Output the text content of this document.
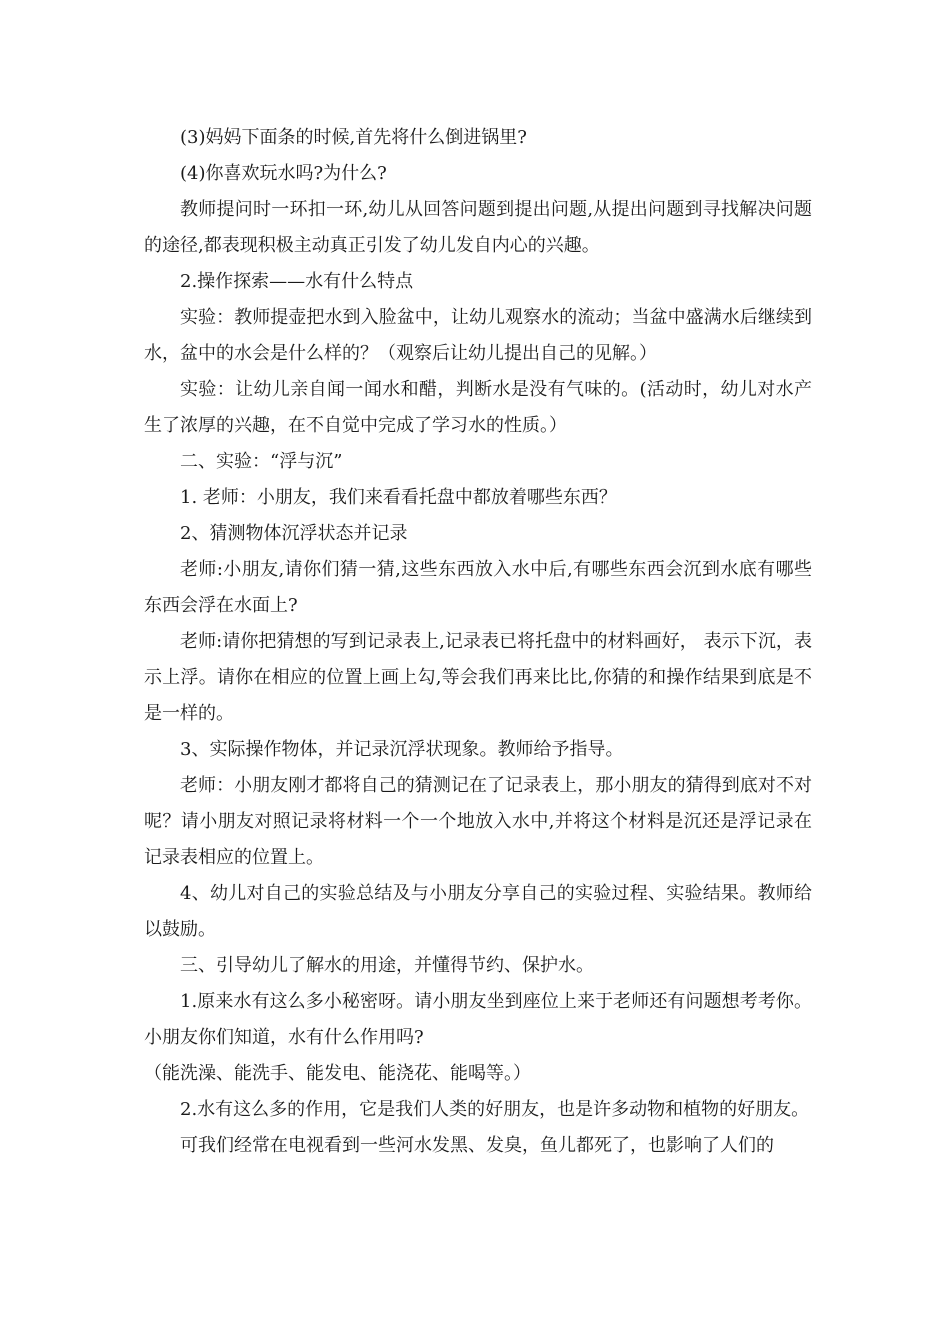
(3)妈妈下面条的时候,首先将什么倒进锅里?

(4)你喜欢玩水吗?为什么?

教师提问时一环扣一环,幼儿从回答问题到提出问题,从提出问题到寻找解决问题的途径,都表现积极主动真正引发了幼儿发自内心的兴趣。

2.操作探索——水有什么特点

实验：教师提壶把水到入脸盆中，让幼儿观察水的流动；当盆中盛满水后继续到水，盆中的水会是什么样的？（观察后让幼儿提出自己的见解。）

实验：让幼儿亲自闻一闻水和醋，判断水是没有气味的。(活动时，幼儿对水产生了浓厚的兴趣，在不自觉中完成了学习水的性质。）

二、实验：“浮与沉”

1. 老师：小朋友，我们来看看托盘中都放着哪些东西？

2、猜测物体沉浮状态并记录

老师:小朋友,请你们猜一猜,这些东西放入水中后,有哪些东西会沉到水底有哪些东西会浮在水面上?

老师:请你把猜想的写到记录表上,记录表已将托盘中的材料画好， 表示下沉，表示上浮。请你在相应的位置上画上勾,等会我们再来比比,你猜的和操作结果到底是不是一样的。

3、实际操作物体，并记录沉浮状现象。教师给予指导。

老师：小朋友刚才都将自己的猜测记在了记录表上，那小朋友的猜得到底对不对呢？请小朋友对照记录将材料一个一个地放入水中,并将这个材料是沉还是浮记录在记录表相应的位置上。

4、幼儿对自己的实验总结及与小朋友分享自己的实验过程、实验结果。教师给以鼓励。

三、引导幼儿了解水的用途，并懂得节约、保护水。

1.原来水有这么多小秘密呀。请小朋友坐到座位上来于老师还有问题想考考你。小朋友你们知道，水有什么作用吗?

（能洗澡、能洗手、能发电、能浇花、能喝等。）

2.水有这么多的作用，它是我们人类的好朋友，也是许多动物和植物的好朋友。

可我们经常在电视看到一些河水发黑、发臭，鱼儿都死了，也影响了人们的
